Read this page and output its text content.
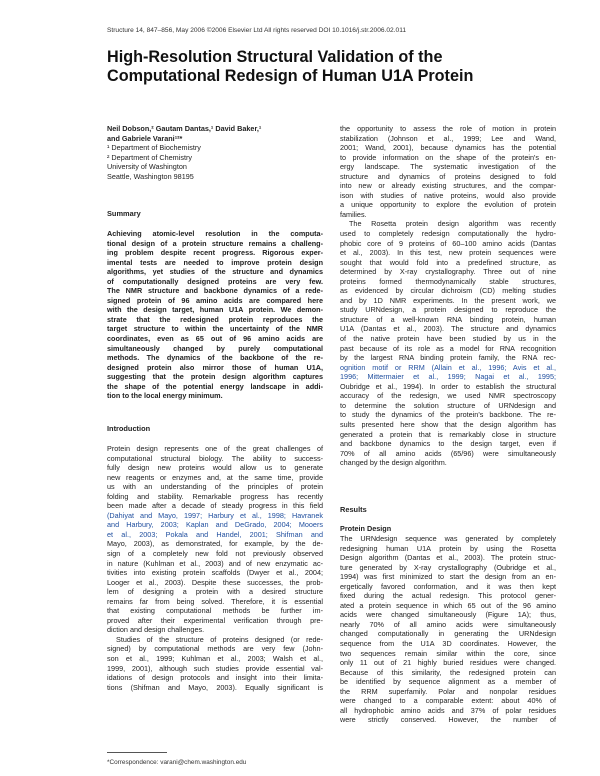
Structure 14, 847–856, May 2006 ©2006 Elsevier Ltd All rights reserved DOI 10.1016/j.str.2006.02.011
High-Resolution Structural Validation of the
Computational Redesign of Human U1A Protein
Neil Dobson,² Gautam Dantas,¹ David Baker,¹
and Gabriele Varani¹²*
¹ Department of Biochemistry
² Department of Chemistry
University of Washington
Seattle, Washington 98195
Summary
Achieving atomic-level resolution in the computa-
tional design of a protein structure remains a challeng-
ing problem despite recent progress. Rigorous exper-
imental tests are needed to improve protein design
algorithms, yet studies of the structure and dynamics
of computationally designed proteins are very few.
The NMR structure and backbone dynamics of a rede-
signed protein of 96 amino acids are compared here
with the design target, human U1A protein. We demon-
strate that the redesigned protein reproduces the
target structure to within the uncertainty of the NMR
coordinates, even as 65 out of 96 amino acids are
simultaneously changed by purely computational
methods. The dynamics of the backbone of the re-
designed protein also mirror those of human U1A,
suggesting that the protein design algorithm captures
the shape of the potential energy landscape in addi-
tion to the local energy minimum.
Introduction
Protein design represents one of the great challenges of
computational structural biology. The ability to success-
fully design new proteins would allow us to generate
new reagents or enzymes and, at the same time, provide
us with an understanding of the principles of protein
folding and stability. Remarkable progress has recently
been made after a decade of steady progress in this field
(Dahiyat and Mayo, 1997; Harbury et al., 1998; Havranek
and Harbury, 2003; Kaplan and DeGrado, 2004; Mooers
et al., 2003; Pokala and Handel, 2001; Shifman and
Mayo, 2003), as demonstrated, for example, by the de-
sign of a completely new fold not previously observed
in nature (Kuhlman et al., 2003) and of new enzymatic ac-
tivities into existing protein scaffolds (Dwyer et al., 2004;
Looger et al., 2003). Despite these successes, the prob-
lem of designing a protein with a desired structure
remains far from being solved. Therefore, it is essential
that existing computational methods be further im-
proved after their experimental verification through pre-
diction and design challenges.
Studies of the structure of proteins designed (or rede-
signed) by computational methods are very few (John-
son et al., 1999; Kuhlman et al., 2003; Walsh et al.,
1999, 2001), although such studies provide essential val-
idations of design protocols and insight into their limita-
tions (Shifman and Mayo, 2003). Equally significant is
*Correspondence: varani@chem.washington.edu
the opportunity to assess the role of motion in protein
stabilization (Johnson et al., 1999; Lee and Wand,
2001; Wand, 2001), because dynamics has the potential
to provide information on the shape of the protein's en-
ergy landscape. The systematic investigation of the
structure and dynamics of proteins designed to fold
into new or already existing structures, and the compar-
ison with studies of native proteins, would also provide
a unique opportunity to explore the evolution of protein
families.
The Rosetta protein design algorithm was recently
used to completely redesign computationally the hydro-
phobic core of 9 proteins of 60–100 amino acids (Dantas
et al., 2003). In this test, new protein sequences were
sought that would fold into a predefined structure, as
determined by X-ray crystallography. Three out of nine
proteins formed thermodynamically stable structures,
as evidenced by circular dichroism (CD) melting studies
and by 1D NMR experiments. In the present work, we
study URNdesign, a protein designed to reproduce the
structure of a well-known RNA binding protein, human
U1A (Dantas et al., 2003). The structure and dynamics
of the native protein have been studied by us in the
past because of its role as a model for RNA recognition
by the largest RNA binding protein family, the RNA rec-
ognition motif or RRM (Allain et al., 1996; Avis et al.,
1996; Mittermaier et al., 1999; Nagai et al., 1995;
Oubridge et al., 1994). In order to establish the structural
accuracy of the redesign, we used NMR spectroscopy
to determine the solution structure of URNdesign and
to study the dynamics of the protein's backbone. The re-
sults presented here show that the design algorithm has
generated a protein that is remarkably close in structure
and backbone dynamics to the design target, even if
70% of all amino acids (65/96) were simultaneously
changed by the design algorithm.
Results
Protein Design
The URNdesign sequence was generated by completely
redesigning human U1A protein by using the Rosetta
Design algorithm (Dantas et al., 2003). The protein struc-
ture generated by X-ray crystallography (Oubridge et al.,
1994) was first minimized to start the design from an en-
ergetically favored conformation, and it was then kept
fixed during the actual redesign. This protocol gener-
ated a protein sequence in which 65 out of the 96 amino
acids were changed simultaneously (Figure 1A); thus,
nearly 70% of all amino acids were simultaneously
changed computationally in generating the URNdesign
sequence from the U1A 3D coordinates. However, the
two sequences remain similar within the core, since
only 11 out of 21 highly buried residues were changed.
Because of this similarity, the redesigned protein can
be identified by sequence alignment as a member of
the RRM superfamily. Polar and nonpolar residues
were changed to a comparable extent: about 40% of
all hydrophobic amino acids and 37% of polar residues
were strictly conserved. However, the number of
